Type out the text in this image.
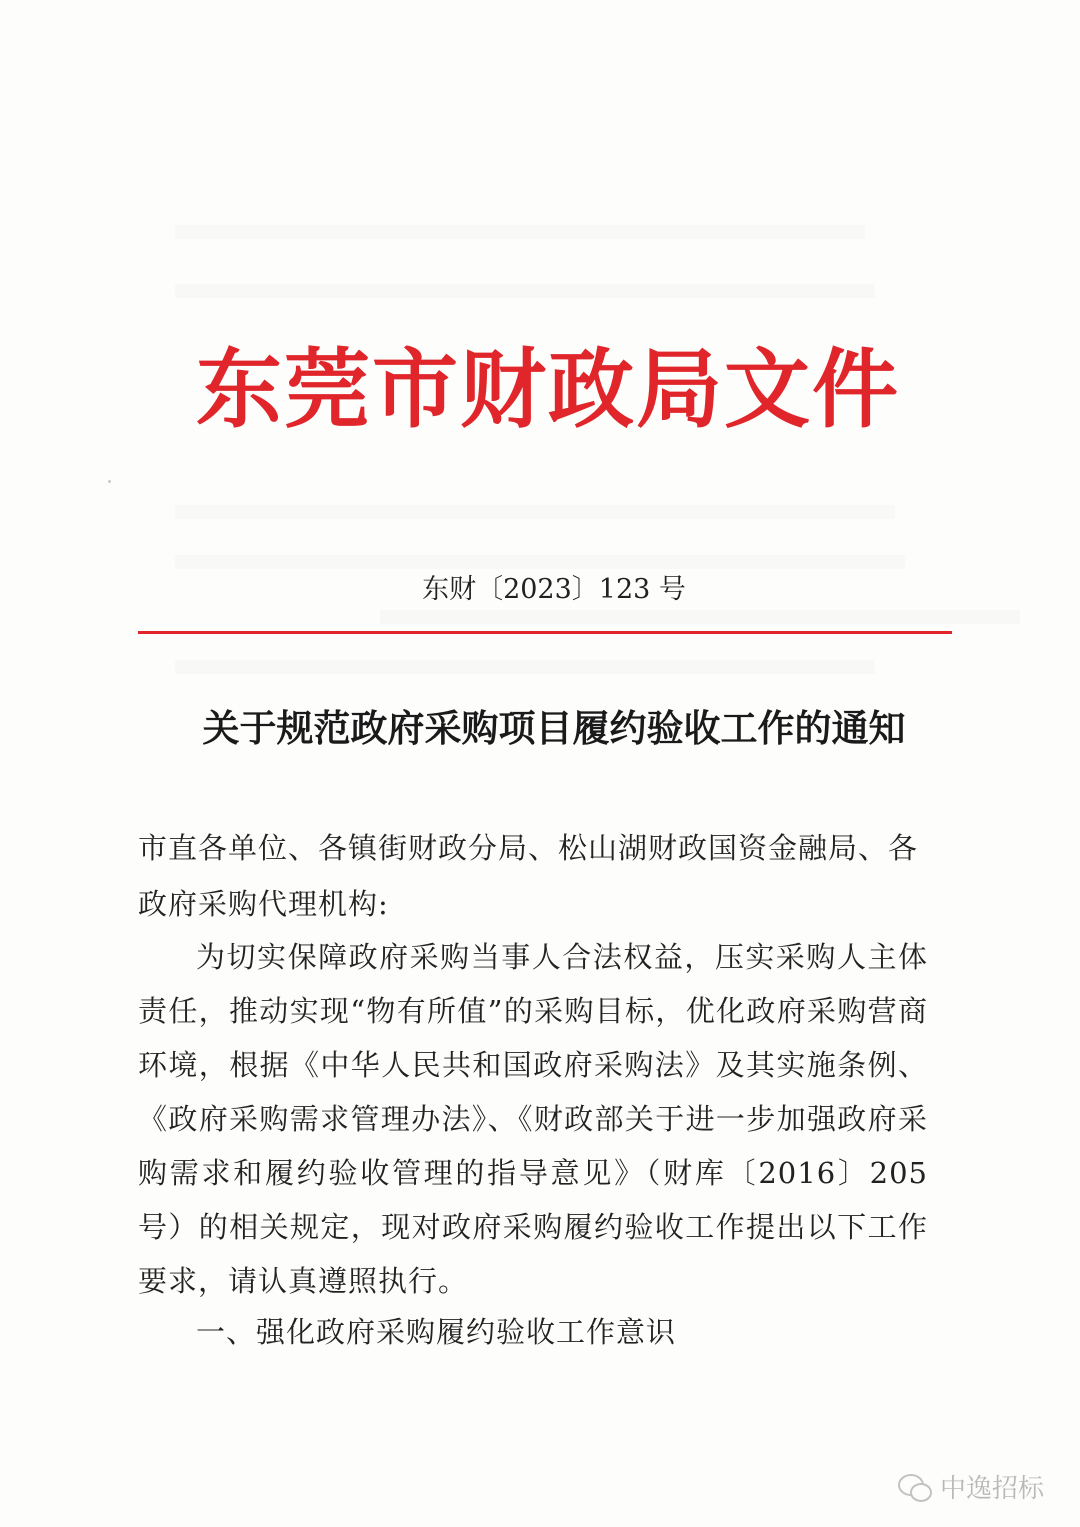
东莞市财政局文件
东财〔2023〕123 号
关于规范政府采购项目履约验收工作的通知
市直各单位、各镇街财政分局、松山湖财政国资金融局、各政府采购代理机构:
为切实保障政府采购当事人合法权益，压实采购人主体责任，推动实现“物有所值”的采购目标，优化政府采购营商环境，根据《中华人民共和国政府采购法》及其实施条例、《政府采购需求管理办法》、《财政部关于进一步加强政府采购需求和履约验收管理的指导意见》（财库〔2016〕205 号）的相关规定，现对政府采购履约验收工作提出以下工作要求，请认真遵照执行。
一、强化政府采购履约验收工作意识
中逸招标
